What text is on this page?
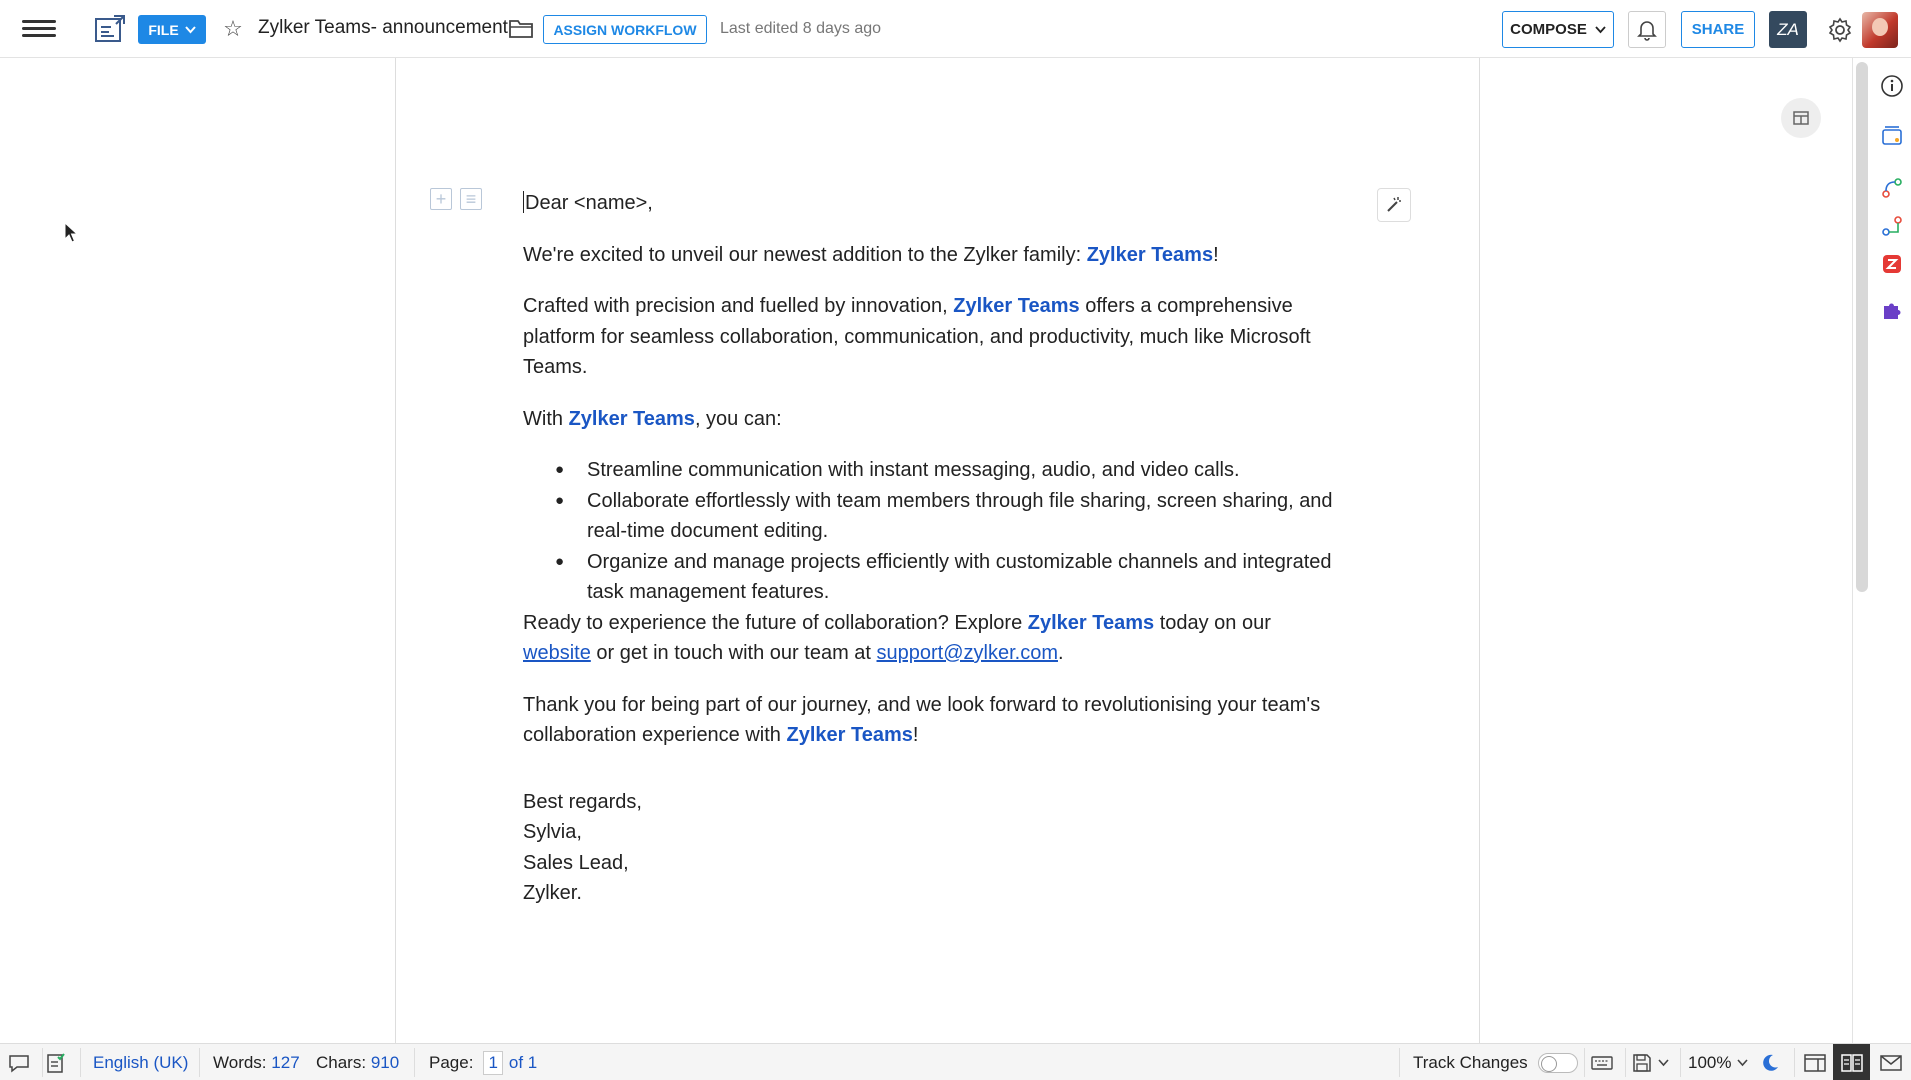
FILE ☆ Zylker Teams- announcement	ASSIGN WORKFLOW	Last edited 8 days ago	COMPOSE	SHARE	ZA
+	≡ Dear <name>,

We're excited to unveil our newest addition to the Zylker family: Zylker Teams!

Crafted with precision and fuelled by innovation, Zylker Teams offers a comprehensive platform for seamless collaboration, communication, and productivity, much like Microsoft Teams.

With Zylker Teams, you can:

● Streamline communication with instant messaging, audio, and video calls.
● Collaborate effortlessly with team members through file sharing, screen sharing, and real-time document editing.
● Organize and manage projects efficiently with customizable channels and integrated task management features.

Ready to experience the future of collaboration? Explore Zylker Teams today on our website or get in touch with our team at support@zylker.com.

Thank you for being part of our journey, and we look forward to revolutionising your team's collaboration experience with Zylker Teams!

Best regards,

Sylvia,

Sales Lead,

Zylker.

English (UK) Words:
127 Chars:
910 Page: 1 of 1	Track Changes	100%
